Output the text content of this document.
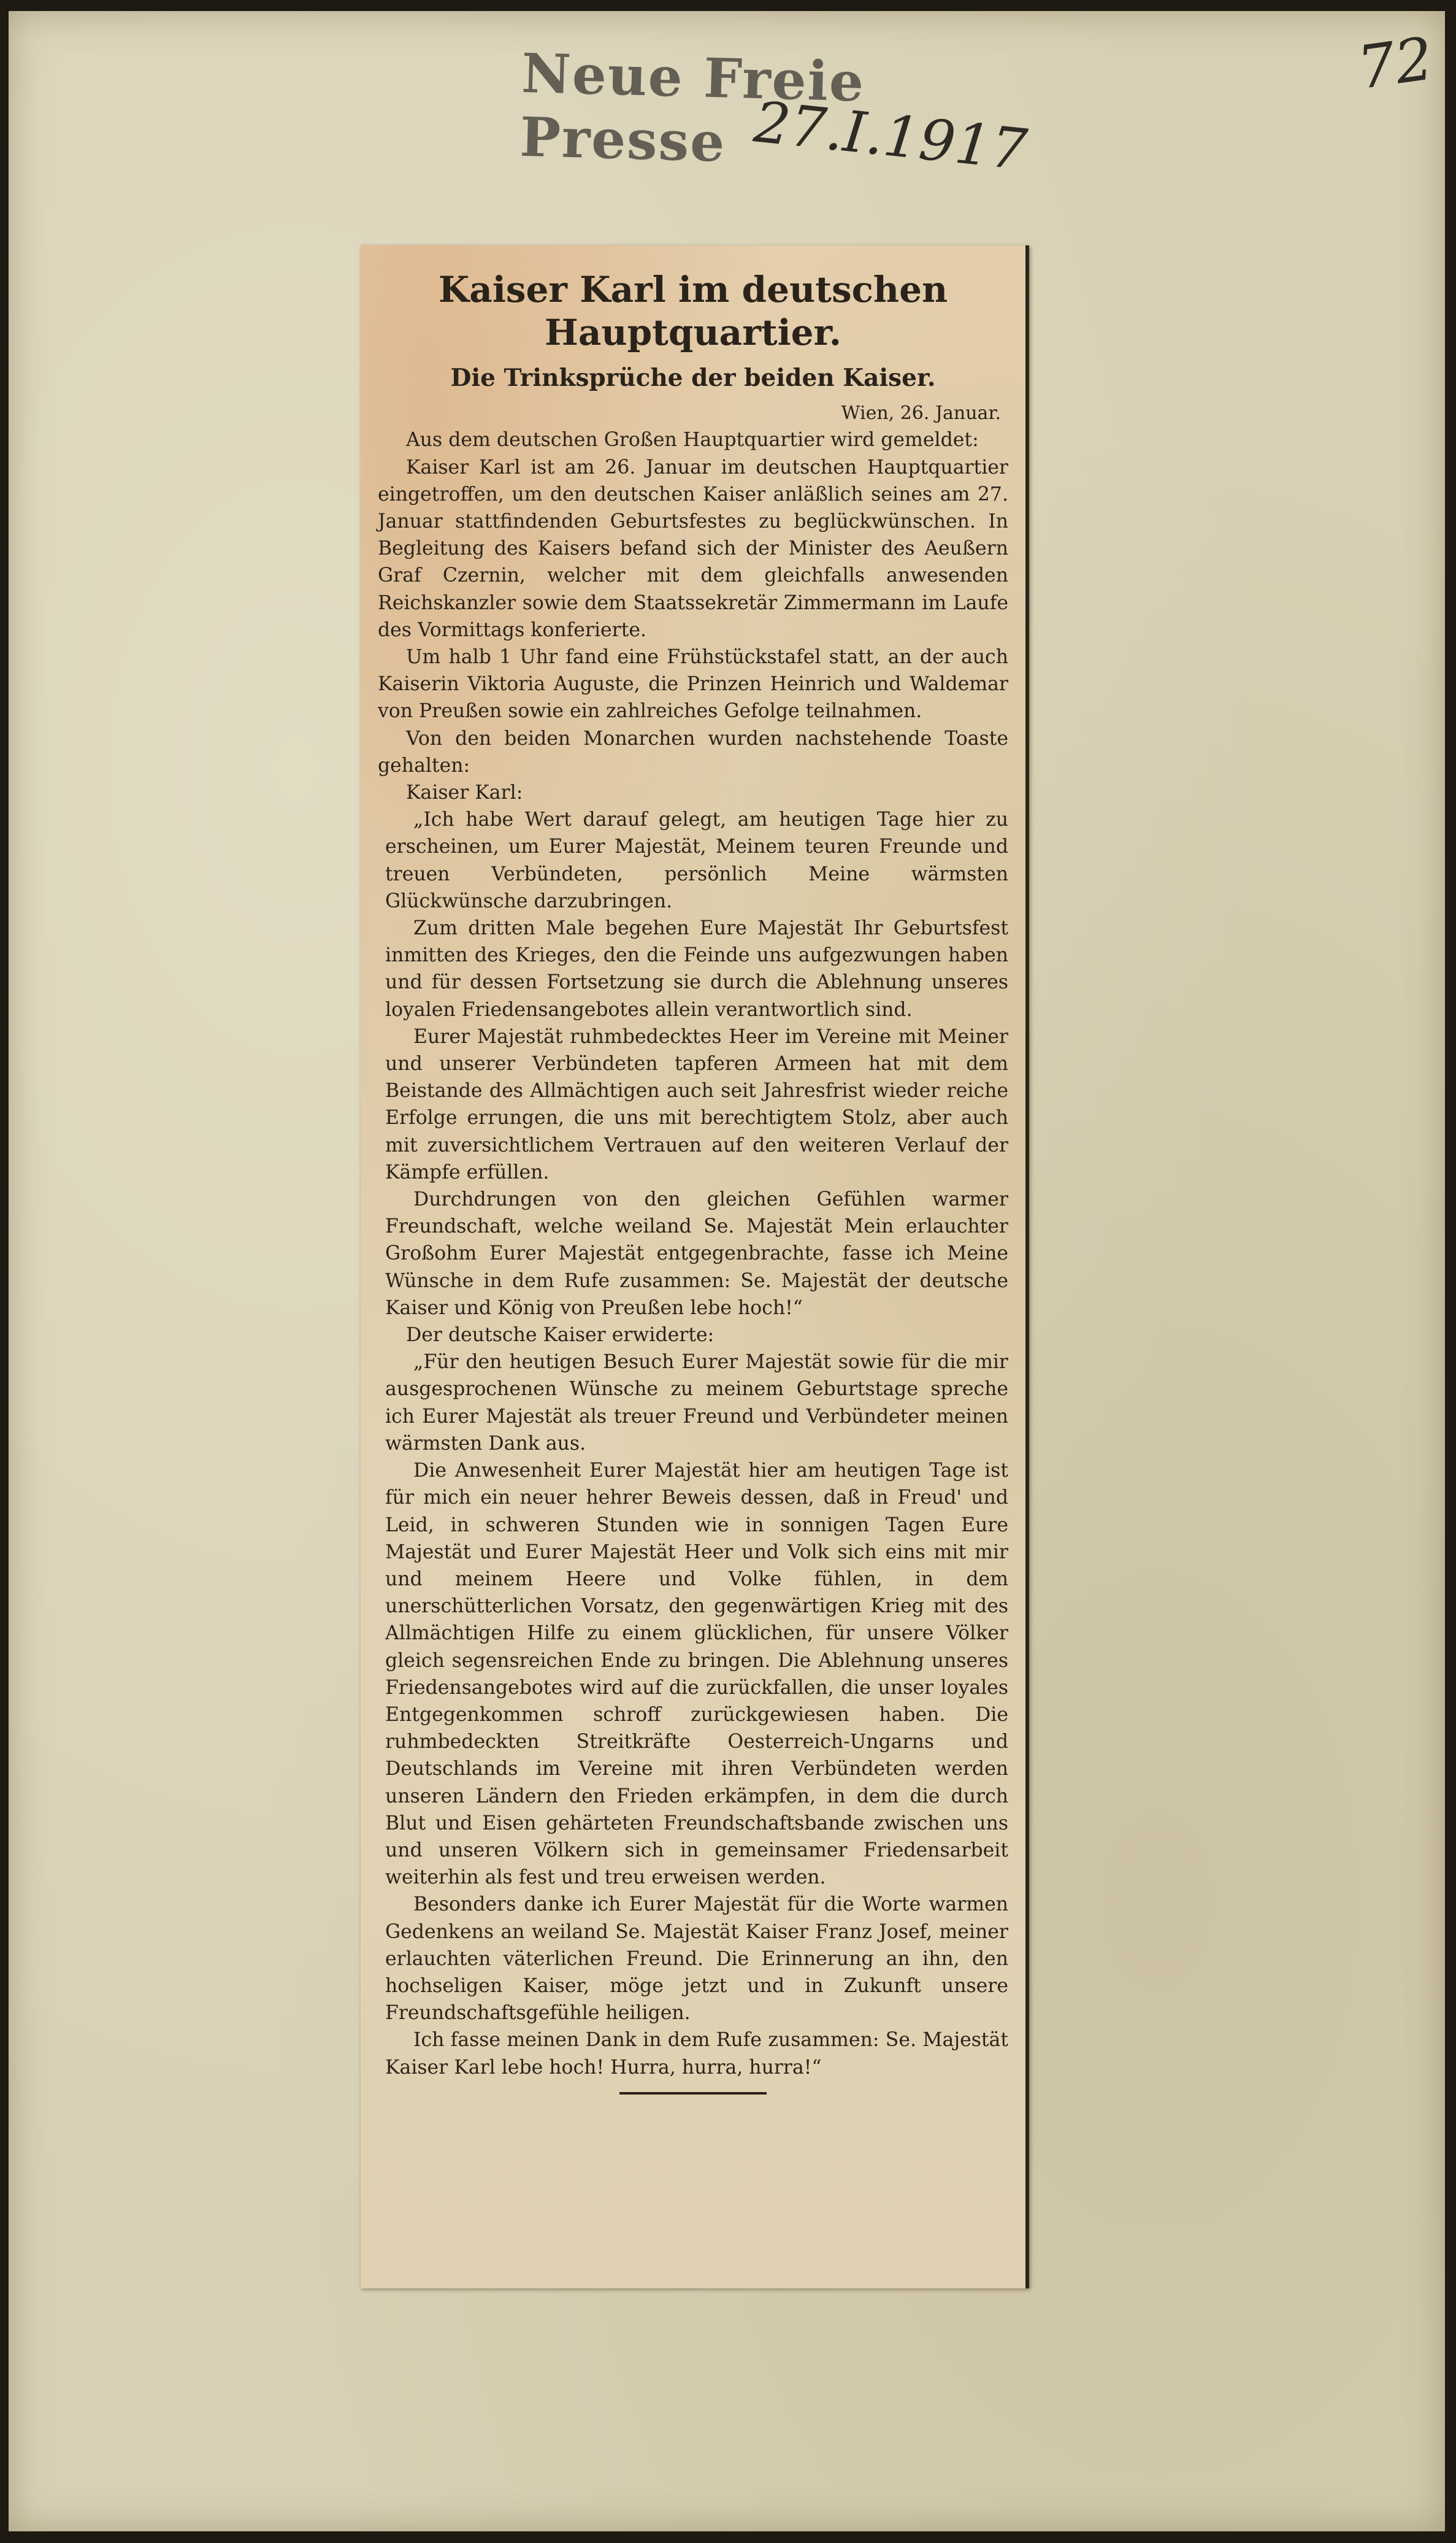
Neue Freie Presse 27.I.1917
72
Kaiser Karl im deutschen Hauptquartier.
Die Trinksprüche der beiden Kaiser.
Wien, 26. Januar.

Aus dem deutschen Großen Hauptquartier wird gemeldet:

Kaiser Karl ist am 26. Januar im deutschen Hauptquartier eingetroffen, um den deutschen Kaiser anläßlich seines am 27. Januar stattfindenden Geburtsfestes zu beglückwünschen. In Begleitung des Kaisers befand sich der Minister des Aeußern Graf Czernin, welcher mit dem gleichfalls anwesenden Reichskanzler sowie dem Staatssekretär Zimmermann im Laufe des Vormittags konferierte.

Um halb 1 Uhr fand eine Frühstückstafel statt, an der auch Kaiserin Viktoria Auguste, die Prinzen Heinrich und Waldemar von Preußen sowie ein zahlreiches Gefolge teilnahmen.

Von den beiden Monarchen wurden nachstehende Toaste gehalten:

Kaiser Karl:

„Ich habe Wert darauf gelegt, am heutigen Tage hier zu erscheinen, um Eurer Majestät, Meinem teuren Freunde und treuen Verbündeten, persönlich Meine wärmsten Glückwünsche darzubringen.

Zum dritten Male begehen Eure Majestät Ihr Geburtsfest inmitten des Krieges, den die Feinde uns aufgezwungen haben und für dessen Fortsetzung sie durch die Ablehnung unseres loyalen Friedensangebotes allein verantwortlich sind.

Eurer Majestät ruhmbedecktes Heer im Vereine mit Meiner und unserer Verbündeten tapferen Armeen hat mit dem Beistande des Allmächtigen auch seit Jahresfrist wieder reiche Erfolge errungen, die uns mit berechtigtem Stolz, aber auch mit zuversichtlichem Vertrauen auf den weiteren Verlauf der Kämpfe erfüllen.

Durchdrungen von den gleichen Gefühlen warmer Freundschaft, welche weiland Se. Majestät Mein erlauchter Großohm Eurer Majestät entgegenbrachte, fasse ich Meine Wünsche in dem Rufe zusammen: Se. Majestät der deutsche Kaiser und König von Preußen lebe hoch!“

Der deutsche Kaiser erwiderte:

„Für den heutigen Besuch Eurer Majestät sowie für die mir ausgesprochenen Wünsche zu meinem Geburtstage spreche ich Eurer Majestät als treuer Freund und Verbündeter meinen wärmsten Dank aus.

Die Anwesenheit Eurer Majestät hier am heutigen Tage ist für mich ein neuer hehrer Beweis dessen, daß in Freud' und Leid, in schweren Stunden wie in sonnigen Tagen Eure Majestät und Eurer Majestät Heer und Volk sich eins mit mir und meinem Heere und Volke fühlen, in dem unerschütterlichen Vorsatz, den gegenwärtigen Krieg mit des Allmächtigen Hilfe zu einem glücklichen, für unsere Völker gleich segensreichen Ende zu bringen. Die Ablehnung unseres Friedensangebotes wird auf die zurückfallen, die unser loyales Entgegenkommen schroff zurückgewiesen haben. Die ruhmbedeckten Streitkräfte Oesterreich-Ungarns und Deutschlands im Vereine mit ihren Verbündeten werden unseren Ländern den Frieden erkämpfen, in dem die durch Blut und Eisen gehärteten Freundschaftsbande zwischen uns und unseren Völkern sich in gemeinsamer Friedensarbeit weiterhin als fest und treu erweisen werden.

Besonders danke ich Eurer Majestät für die Worte warmen Gedenkens an weiland Se. Majestät Kaiser Franz Josef, meiner erlauchten väterlichen Freund. Die Erinnerung an ihn, den hochseligen Kaiser, möge jetzt und in Zukunft unsere Freundschaftsgefühle heiligen.

Ich fasse meinen Dank in dem Rufe zusammen: Se. Majestät Kaiser Karl lebe hoch! Hurra, hurra, hurra!“
